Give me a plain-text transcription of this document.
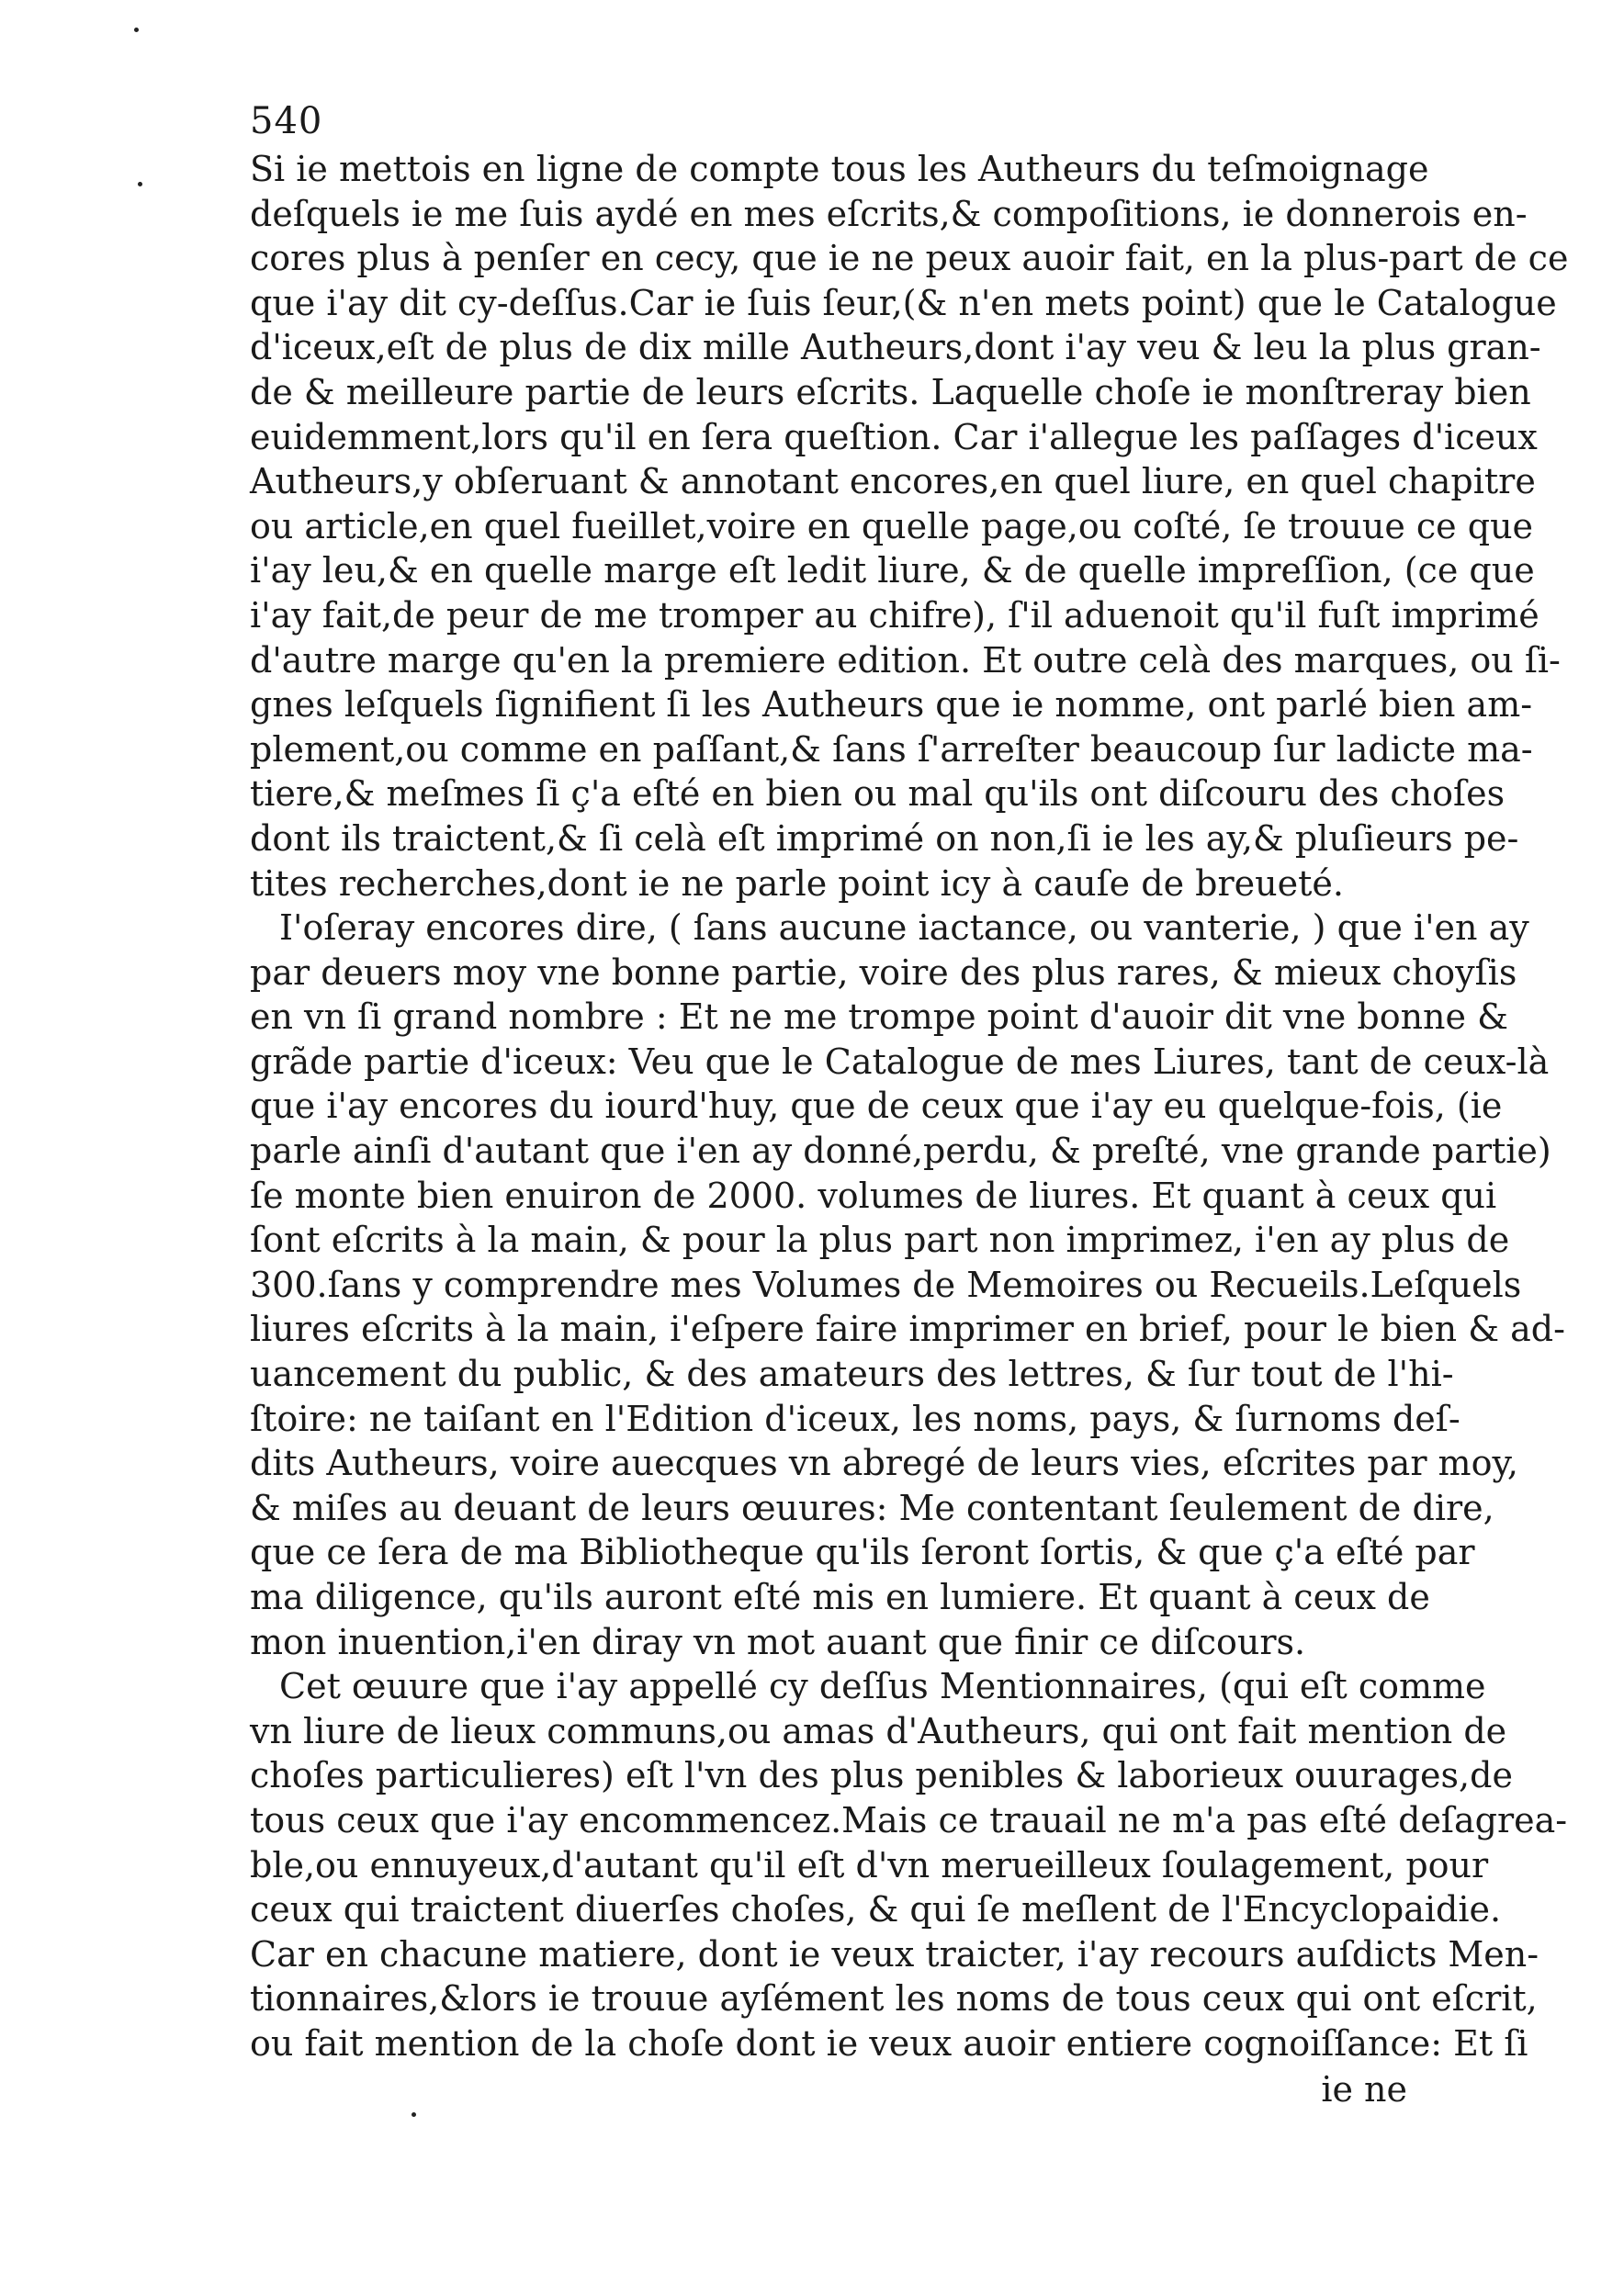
540
Si ie mettois en ligne de compte tous les Autheurs du teſmoignage
deſquels ie me ſuis aydé en mes eſcrits,& compoſitions, ie donnerois en-
cores plus à penſer en cecy, que ie ne peux auoir fait, en la plus-part de ce
que i'ay dit cy-deſſus.Car ie ſuis ſeur,(& n'en mets point) que le Catalogue
d'iceux,eſt de plus de dix mille Autheurs,dont i'ay veu & leu la plus gran-
de & meilleure partie de leurs eſcrits. Laquelle choſe ie monſtreray bien
euidemment,lors qu'il en ſera queſtion. Car i'allegue les paſſages d'iceux
Autheurs,y obſeruant & annotant encores,en quel liure, en quel chapitre
ou article,en quel fueillet,voire en quelle page,ou coſté, ſe trouue ce que
i'ay leu,& en quelle marge eſt ledit liure, & de quelle impreſſion, (ce que
i'ay fait,de peur de me tromper au chifre), ſ'il aduenoit qu'il fuſt imprimé
d'autre marge qu'en la premiere edition. Et outre celà des marques, ou ſi-
gnes leſquels ſignifient ſi les Autheurs que ie nomme, ont parlé bien am-
plement,ou comme en paſſant,& ſans ſ'arreſter beaucoup ſur ladicte ma-
tiere,& meſmes ſi ç'a eſté en bien ou mal qu'ils ont diſcouru des choſes
dont ils traictent,& ſi celà eſt imprimé on non,ſi ie les ay,& pluſieurs pe-
tites recherches,dont ie ne parle point icy à cauſe de breueté.
I'oſeray encores dire, ( ſans aucune iactance, ou vanterie, ) que i'en ay
par deuers moy vne bonne partie, voire des plus rares, & mieux choyſis
en vn ſi grand nombre : Et ne me trompe point d'auoir dit vne bonne &
grãde partie d'iceux: Veu que le Catalogue de mes Liures, tant de ceux-là
que i'ay encores du iourd'huy, que de ceux que i'ay eu quelque-fois, (ie
parle ainſi d'autant que i'en ay donné,perdu, & preſté, vne grande partie)
ſe monte bien enuiron de 2000. volumes de liures. Et quant à ceux qui
ſont eſcrits à la main, & pour la plus part non imprimez, i'en ay plus de
300.ſans y comprendre mes Volumes de Memoires ou Recueils.Leſquels
liures eſcrits à la main, i'eſpere faire imprimer en brief, pour le bien & ad-
uancement du public, & des amateurs des lettres, & ſur tout de l'hi-
ſtoire: ne taiſant en l'Edition d'iceux, les noms, pays, & ſurnoms deſ-
dits Autheurs, voire auecques vn abregé de leurs vies, eſcrites par moy,
& miſes au deuant de leurs œuures: Me contentant ſeulement de dire,
que ce ſera de ma Bibliotheque qu'ils ſeront ſortis, & que ç'a eſté par
ma diligence, qu'ils auront eſté mis en lumiere. Et quant à ceux de
mon inuention,i'en diray vn mot auant que finir ce diſcours.
Cet œuure que i'ay appellé cy deſſus Mentionnaires, (qui eſt comme
vn liure de lieux communs,ou amas d'Autheurs, qui ont fait mention de
choſes particulieres) eſt l'vn des plus penibles & laborieux ouurages,de
tous ceux que i'ay encommencez.Mais ce trauail ne m'a pas eſté deſagrea-
ble,ou ennuyeux,d'autant qu'il eſt d'vn merueilleux ſoulagement, pour
ceux qui traictent diuerſes choſes, & qui ſe meſlent de l'Encyclopaidie.
Car en chacune matiere, dont ie veux traicter, i'ay recours auſdicts Men-
tionnaires,&lors ie trouue ayſément les noms de tous ceux qui ont eſcrit,
ou fait mention de la choſe dont ie veux auoir entiere cognoiſſance: Et ſi
ie ne
